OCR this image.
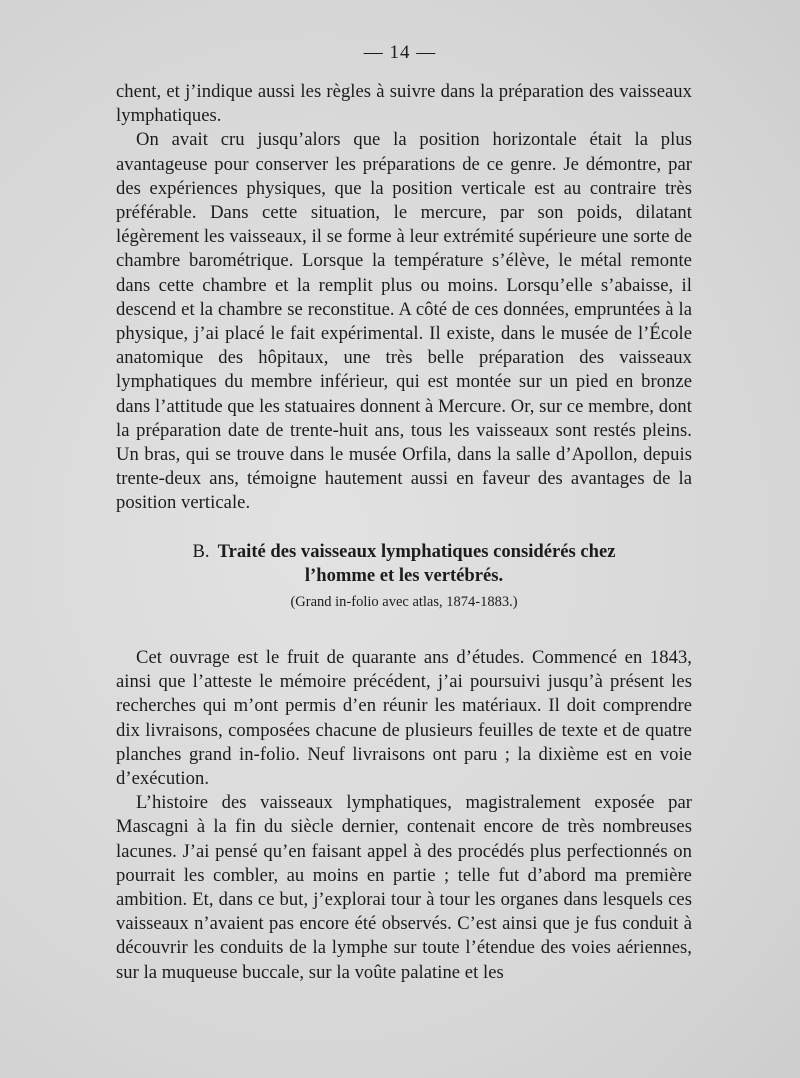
— 14 —

chent, et j’indique aussi les règles à suivre dans la préparation des vaisseaux lymphatiques.

On avait cru jusqu’alors que la position horizontale était la plus avantageuse pour conserver les préparations de ce genre. Je démontre, par des expériences physiques, que la position verticale est au contraire très préférable. Dans cette situation, le mercure, par son poids, dilatant légèrement les vaisseaux, il se forme à leur extrémité supérieure une sorte de chambre barométrique. Lorsque la température s’élève, le métal remonte dans cette chambre et la remplit plus ou moins. Lorsqu’elle s’abaisse, il descend et la chambre se reconstitue. A côté de ces données, empruntées à la physique, j’ai placé le fait expérimental. Il existe, dans le musée de l’École anatomique des hôpitaux, une très belle préparation des vaisseaux lymphatiques du membre inférieur, qui est montée sur un pied en bronze dans l’attitude que les statuaires donnent à Mercure. Or, sur ce membre, dont la préparation date de trente-huit ans, tous les vaisseaux sont restés pleins. Un bras, qui se trouve dans le musée Orfila, dans la salle d’Apollon, depuis trente-deux ans, témoigne hautement aussi en faveur des avantages de la position verticale.

B. Traité des vaisseaux lymphatiques considérés chez
l’homme et les vertébrés.

(Grand in-folio avec atlas, 1874-1883.)

Cet ouvrage est le fruit de quarante ans d’études. Commencé en 1843, ainsi que l’atteste le mémoire précédent, j’ai poursuivi jusqu’à présent les recherches qui m’ont permis d’en réunir les matériaux. Il doit comprendre dix livraisons, composées chacune de plusieurs feuilles de texte et de quatre planches grand in-folio. Neuf livraisons ont paru ; la dixième est en voie d’exécution.

L’histoire des vaisseaux lymphatiques, magistralement exposée par Mascagni à la fin du siècle dernier, contenait encore de très nombreuses lacunes. J’ai pensé qu’en faisant appel à des procédés plus perfectionnés on pourrait les combler, au moins en partie ; telle fut d’abord ma première ambition. Et, dans ce but, j’explorai tour à tour les organes dans lesquels ces vaisseaux n’avaient pas encore été observés. C’est ainsi que je fus conduit à découvrir les conduits de la lymphe sur toute l’étendue des voies aériennes, sur la muqueuse buccale, sur la voûte palatine et les
